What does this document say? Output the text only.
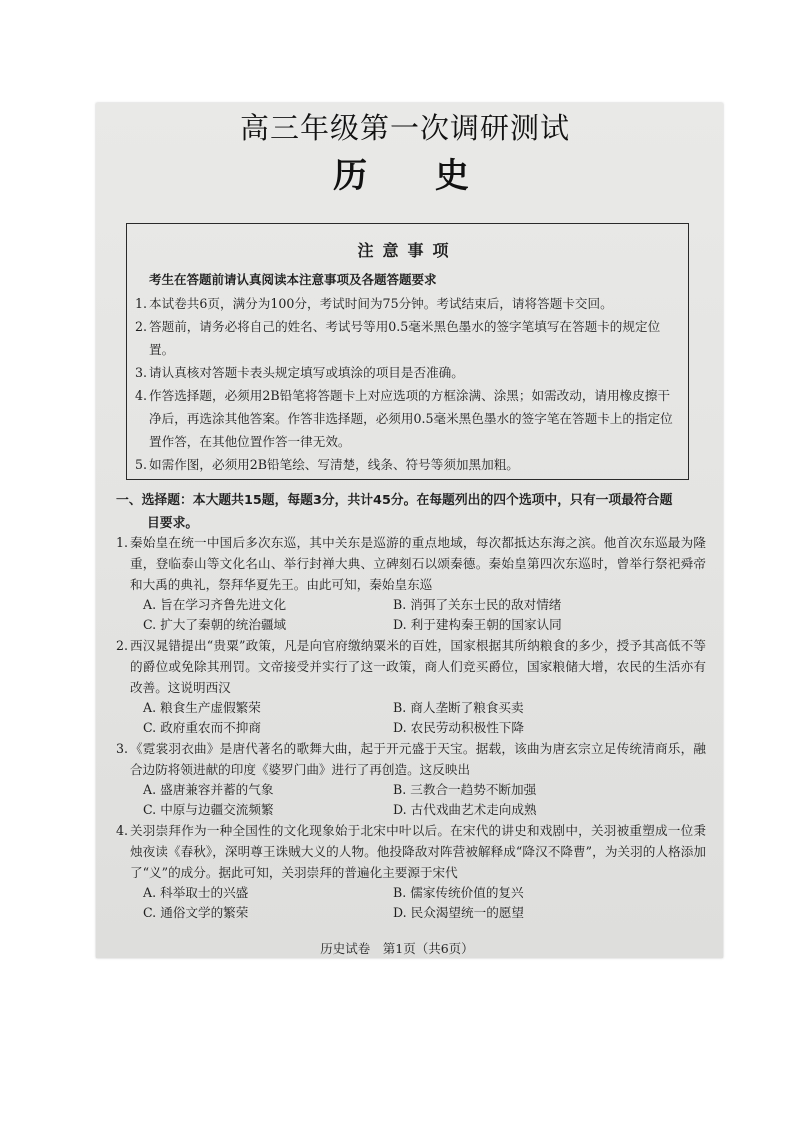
高三年级第一次调研测试
历 史
注意事项
考生在答题前请认真阅读本注意事项及各题答题要求
1. 本试卷共6页，满分为100分，考试时间为75分钟。考试结束后，请将答题卡交回。
2. 答题前，请务必将自己的姓名、考试号等用0.5毫米黑色墨水的签字笔填写在答题卡的规定位置。
3. 请认真核对答题卡表头规定填写或填涂的项目是否准确。
4. 作答选择题，必须用2B铅笔将答题卡上对应选项的方框涂满、涂黑；如需改动，请用橡皮擦干净后，再选涂其他答案。作答非选择题，必须用0.5毫米黑色墨水的签字笔在答题卡上的指定位置作答，在其他位置作答一律无效。
5. 如需作图，必须用2B铅笔绘、写清楚，线条、符号等须加黑加粗。
一、选择题：本大题共15题，每题3分，共计45分。在每题列出的四个选项中，只有一项最符合题
目要求。
1. 秦始皇在统一中国后多次东巡，其中关东是巡游的重点地域，每次都抵达东海之滨。他首次东巡最为隆重，登临泰山等文化名山、举行封禅大典、立碑刻石以颂秦德。秦始皇第四次东巡时，曾举行祭祀舜帝和大禹的典礼，祭拜华夏先王。由此可知，秦始皇东巡
A. 旨在学习齐鲁先进文化	B. 消弭了关东士民的敌对情绪
C. 扩大了秦朝的统治疆域	D. 利于建构秦王朝的国家认同
2. 西汉晁错提出“贵粟”政策，凡是向官府缴纳粟米的百姓，国家根据其所纳粮食的多少，授予其高低不等的爵位或免除其刑罚。文帝接受并实行了这一政策，商人们竞买爵位，国家粮储大增，农民的生活亦有改善。这说明西汉
A. 粮食生产虚假繁荣	B. 商人垄断了粮食买卖
C. 政府重农而不抑商	D. 农民劳动积极性下降
3. 《霓裳羽衣曲》是唐代著名的歌舞大曲，起于开元盛于天宝。据载，该曲为唐玄宗立足传统清商乐，融合边防将领进献的印度《婆罗门曲》进行了再创造。这反映出
A. 盛唐兼容并蓄的气象	B. 三教合一趋势不断加强
C. 中原与边疆交流频繁	D. 古代戏曲艺术走向成熟
4. 关羽崇拜作为一种全国性的文化现象始于北宋中叶以后。在宋代的讲史和戏剧中，关羽被重塑成一位秉烛夜读《春秋》，深明尊王诛贼大义的人物。他投降敌对阵营被解释成“降汉不降曹”，为关羽的人格添加了“义”的成分。据此可知，关羽崇拜的普遍化主要源于宋代
A. 科举取士的兴盛	B. 儒家传统价值的复兴
C. 通俗文学的繁荣	D. 民众渴望统一的愿望
历史试卷　第1页（共6页）
